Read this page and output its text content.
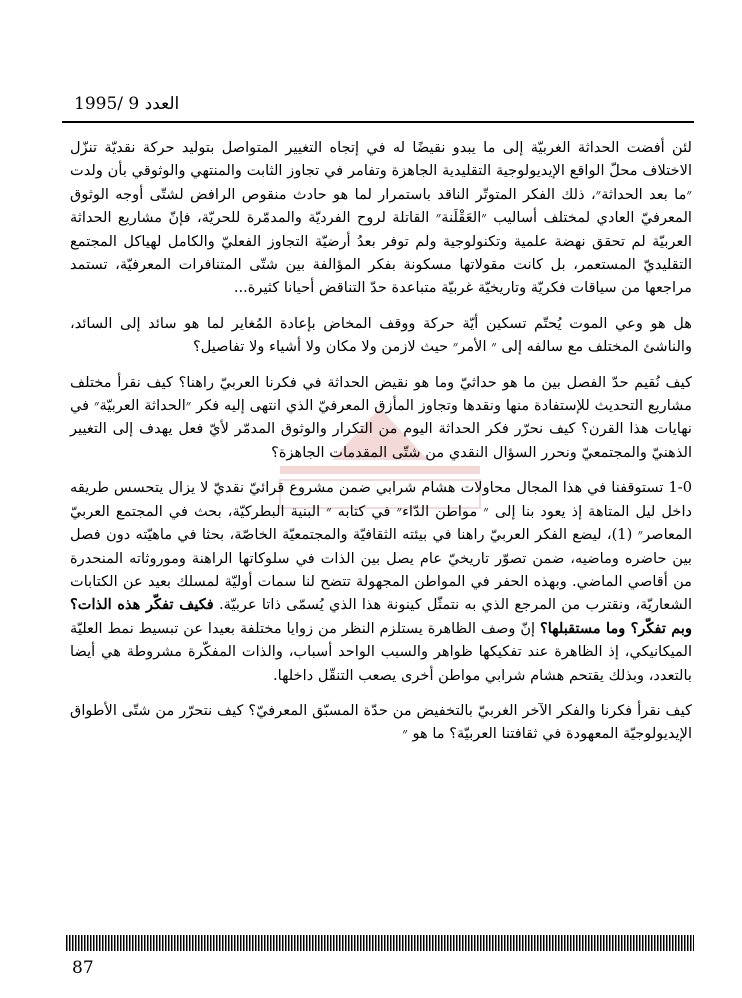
العدد 9 /1995

لئن أفضت الحداثة الغربيّة إلى ما يبدو نقيضًا له في إتجاه التغيير المتواصل بتوليد حركة نقديّة تنزّل الاختلاف محلّ الواقع الإيديولوجية التقليدية الجاهزة وتفامر في تجاوز الثابت والمنتهي والوثوقي بأن ولدت ״ما بعد الحداثة״، ذلك الفكر المتوتّر الناقد باستمرار لما هو حادث منقوص الرافض لشتّى أوجه الوثوق المعرفيّ العادي لمختلف أساليب ״العَقْلَنة״ القاتلة لروح الفرديّة والمدمّرة للحريّة، فإنّ مشاريع الحداثة العربيّة لم تحقق نهضة علمية وتكنولوجية ولم توفر بعدُ أرضيّة التجاوز الفعليّ والكامل لهياكل المجتمع التقليديّ المستعمر، بل كانت مقولاتها مسكونة بفكر المؤالفة بين شتّى المتنافرات المعرفيّة، تستمد مراجعها من سياقات فكريّة وتاريخيّة غربيّة متباعدة حدّ التناقض أحيانا كثيرة...

هل هو وعي الموت يُحتّم تسكين أيّة حركة ووقف المخاض بإعادة المُغاير لما هو سائد إلى السائد، والناشئ المختلف مع سالفه إلى ״ الأمر״ حيث لازمن ولا مكان ولا أشياء ولا تفاصيل؟

كيف نُقيم حدّ الفصل بين ما هو حداثيّ وما هو نقيض الحداثة في فكرنا العربيّ راهنا؟ كيف نقرأ مختلف مشاريع التحديث للإستفادة منها ونقدها وتجاوز المأزق المعرفيّ الذي انتهى إليه فكر ״الحداثة العربيّة״ في نهايات هذا القرن؟ كيف نحرّر فكر الحداثة اليوم من التكرار والوثوق المدمّر لأيّ فعل يهدف إلى التغيير الذهنيّ والمجتمعيّ ونحرر السؤال النقدي من شتّى المقدمات الجاهزة؟

1-0 تستوقفنا في هذا المجال محاولات هشام شرابي ضمن مشروع قرائيّ نقديّ لا يزال يتحسس طريقه داخل ليل المتاهة إذ يعود بنا إلى ״ مواطن الدّاء״ في كتابه ״ البنية البطركيّة، بحث في المجتمع العربيّ المعاصر״ (1)، ليضع الفكر العربيّ راهنا في بيئته الثقافيّة والمجتمعيّة الخاصّة، بحثا في ماهيّته دون فصل بين حاضره وماضيه، ضمن تصوّر تاريخيّ عام يصل بين الذات في سلوكاتها الراهنة وموروثاته المنحدرة من أقاصي الماضي. وبهذه الحفر في المواطن المجهولة تتضح لنا سمات أوليّة لمسلك بعيد عن الكتابات الشعاريّة، ونقترب من المرجع الذي به نتمثّل كينونة هذا الذي يُسمّى ذاتا عربيّة. فكيف تفكّر هذه الذات؟ وبم تفكّر؟ وما مستقبلها؟ إنّ وصف الظاهرة يستلزم النظر من زوايا مختلفة بعيدا عن تبسيط نمط العليّة الميكانيكي، إذ الظاهرة عند تفكيكها ظواهر والسبب الواحد أسباب، والذات المفكّرة مشروطة هي أيضا بالتعدد، وبذلك يقتحم هشام شرابي مواطن أخرى يصعب التنقّل داخلها.

كيف نقرأ فكرنا والفكر الآخر الغربيّ بالتخفيض من حدّة المسبّق المعرفيّ؟ كيف نتحرّر من شتّى الأطواق الإيديولوجيّة المعهودة في ثقافتنا العربيّة؟ ما هو ״

87
